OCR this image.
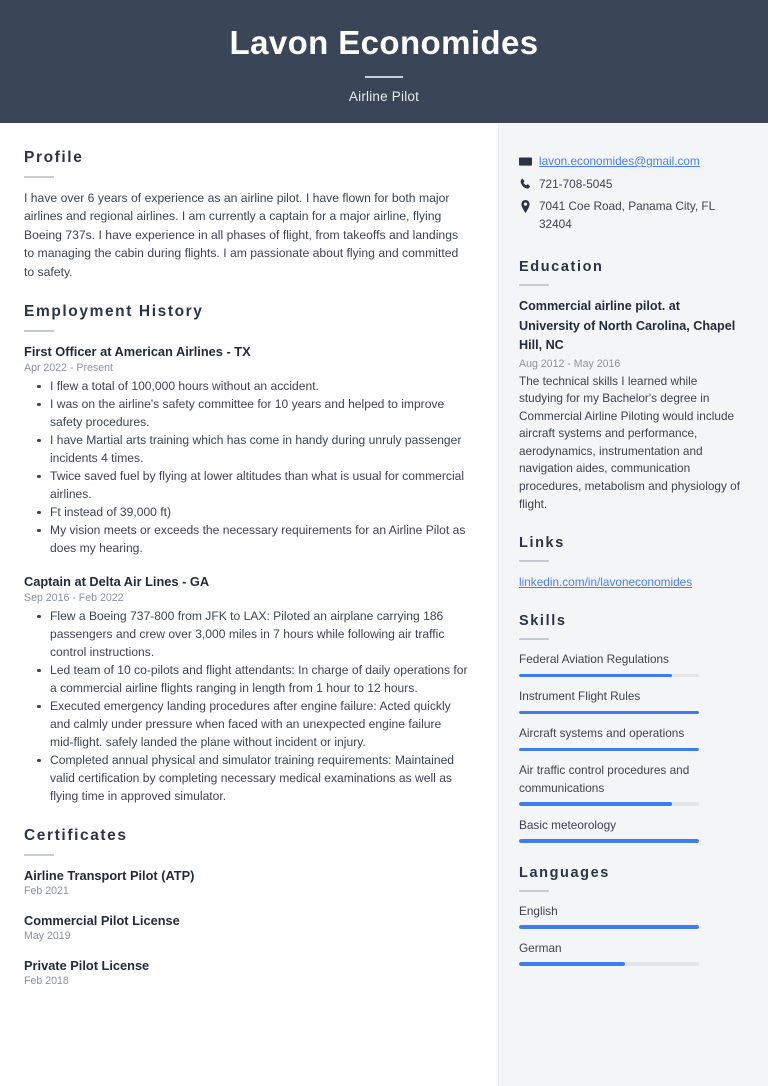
Lavon Economides
Airline Pilot
Profile
I have over 6 years of experience as an airline pilot. I have flown for both major airlines and regional airlines. I am currently a captain for a major airline, flying Boeing 737s. I have experience in all phases of flight, from takeoffs and landings to managing the cabin during flights. I am passionate about flying and committed to safety.
Employment History
First Officer at American Airlines - TX
Apr 2022 - Present
I flew a total of 100,000 hours without an accident.
I was on the airline's safety committee for 10 years and helped to improve safety procedures.
I have Martial arts training which has come in handy during unruly passenger incidents 4 times.
Twice saved fuel by flying at lower altitudes than what is usual for commercial airlines.
Ft instead of 39,000 ft)
My vision meets or exceeds the necessary requirements for an Airline Pilot as does my hearing.
Captain at Delta Air Lines - GA
Sep 2016 - Feb 2022
Flew a Boeing 737-800 from JFK to LAX: Piloted an airplane carrying 186 passengers and crew over 3,000 miles in 7 hours while following air traffic control instructions.
Led team of 10 co-pilots and flight attendants: In charge of daily operations for a commercial airline flights ranging in length from 1 hour to 12 hours.
Executed emergency landing procedures after engine failure: Acted quickly and calmly under pressure when faced with an unexpected engine failure mid-flight. safely landed the plane without incident or injury.
Completed annual physical and simulator training requirements: Maintained valid certification by completing necessary medical examinations as well as flying time in approved simulator.
Certificates
Airline Transport Pilot (ATP)
Feb 2021
Commercial Pilot License
May 2019
Private Pilot License
Feb 2018
lavon.economides@gmail.com
721-708-5045
7041 Coe Road, Panama City, FL 32404
Education
Commercial airline pilot. at University of North Carolina, Chapel Hill, NC
Aug 2012 - May 2016
The technical skills I learned while studying for my Bachelor's degree in Commercial Airline Piloting would include aircraft systems and performance, aerodynamics, instrumentation and navigation aides, communication procedures, metabolism and physiology of flight.
Links
linkedin.com/in/lavoneconomides
Skills
Federal Aviation Regulations
Instrument Flight Rules
Aircraft systems and operations
Air traffic control procedures and communications
Basic meteorology
Languages
English
German
